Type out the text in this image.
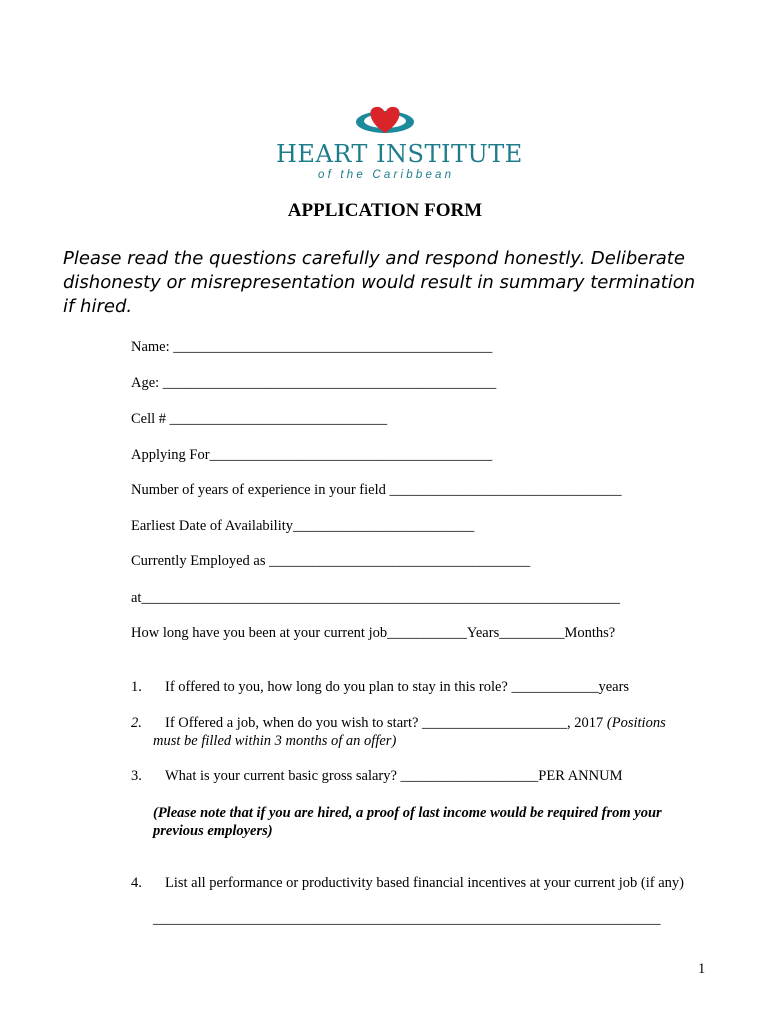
HEART INSTITUTE
of the Caribbean
APPLICATION FORM
Please read the questions carefully and respond honestly. Deliberate dishonesty or misrepresentation would result in summary termination if hired.
Name: ____________________________________________
Age: ______________________________________________
Cell # ______________________________
Applying For_______________________________________
Number of years of experience in your field ________________________________
Earliest Date of Availability_________________________
Currently Employed as ____________________________________
at__________________________________________________________________
How long have you been at your current job___________Years_________Months?
1. If offered to you, how long do you plan to stay in this role? ____________years
2. If Offered a job, when do you wish to start? ____________________, 2017 (Positions
must be filled within 3 months of an offer)
3. What is your current basic gross salary? ___________________PER ANNUM
(Please note that if you are hired, a proof of last income would be required from your previous employers)
4. List all performance or productivity based financial incentives at your current job (if any)
______________________________________________________________________
1
